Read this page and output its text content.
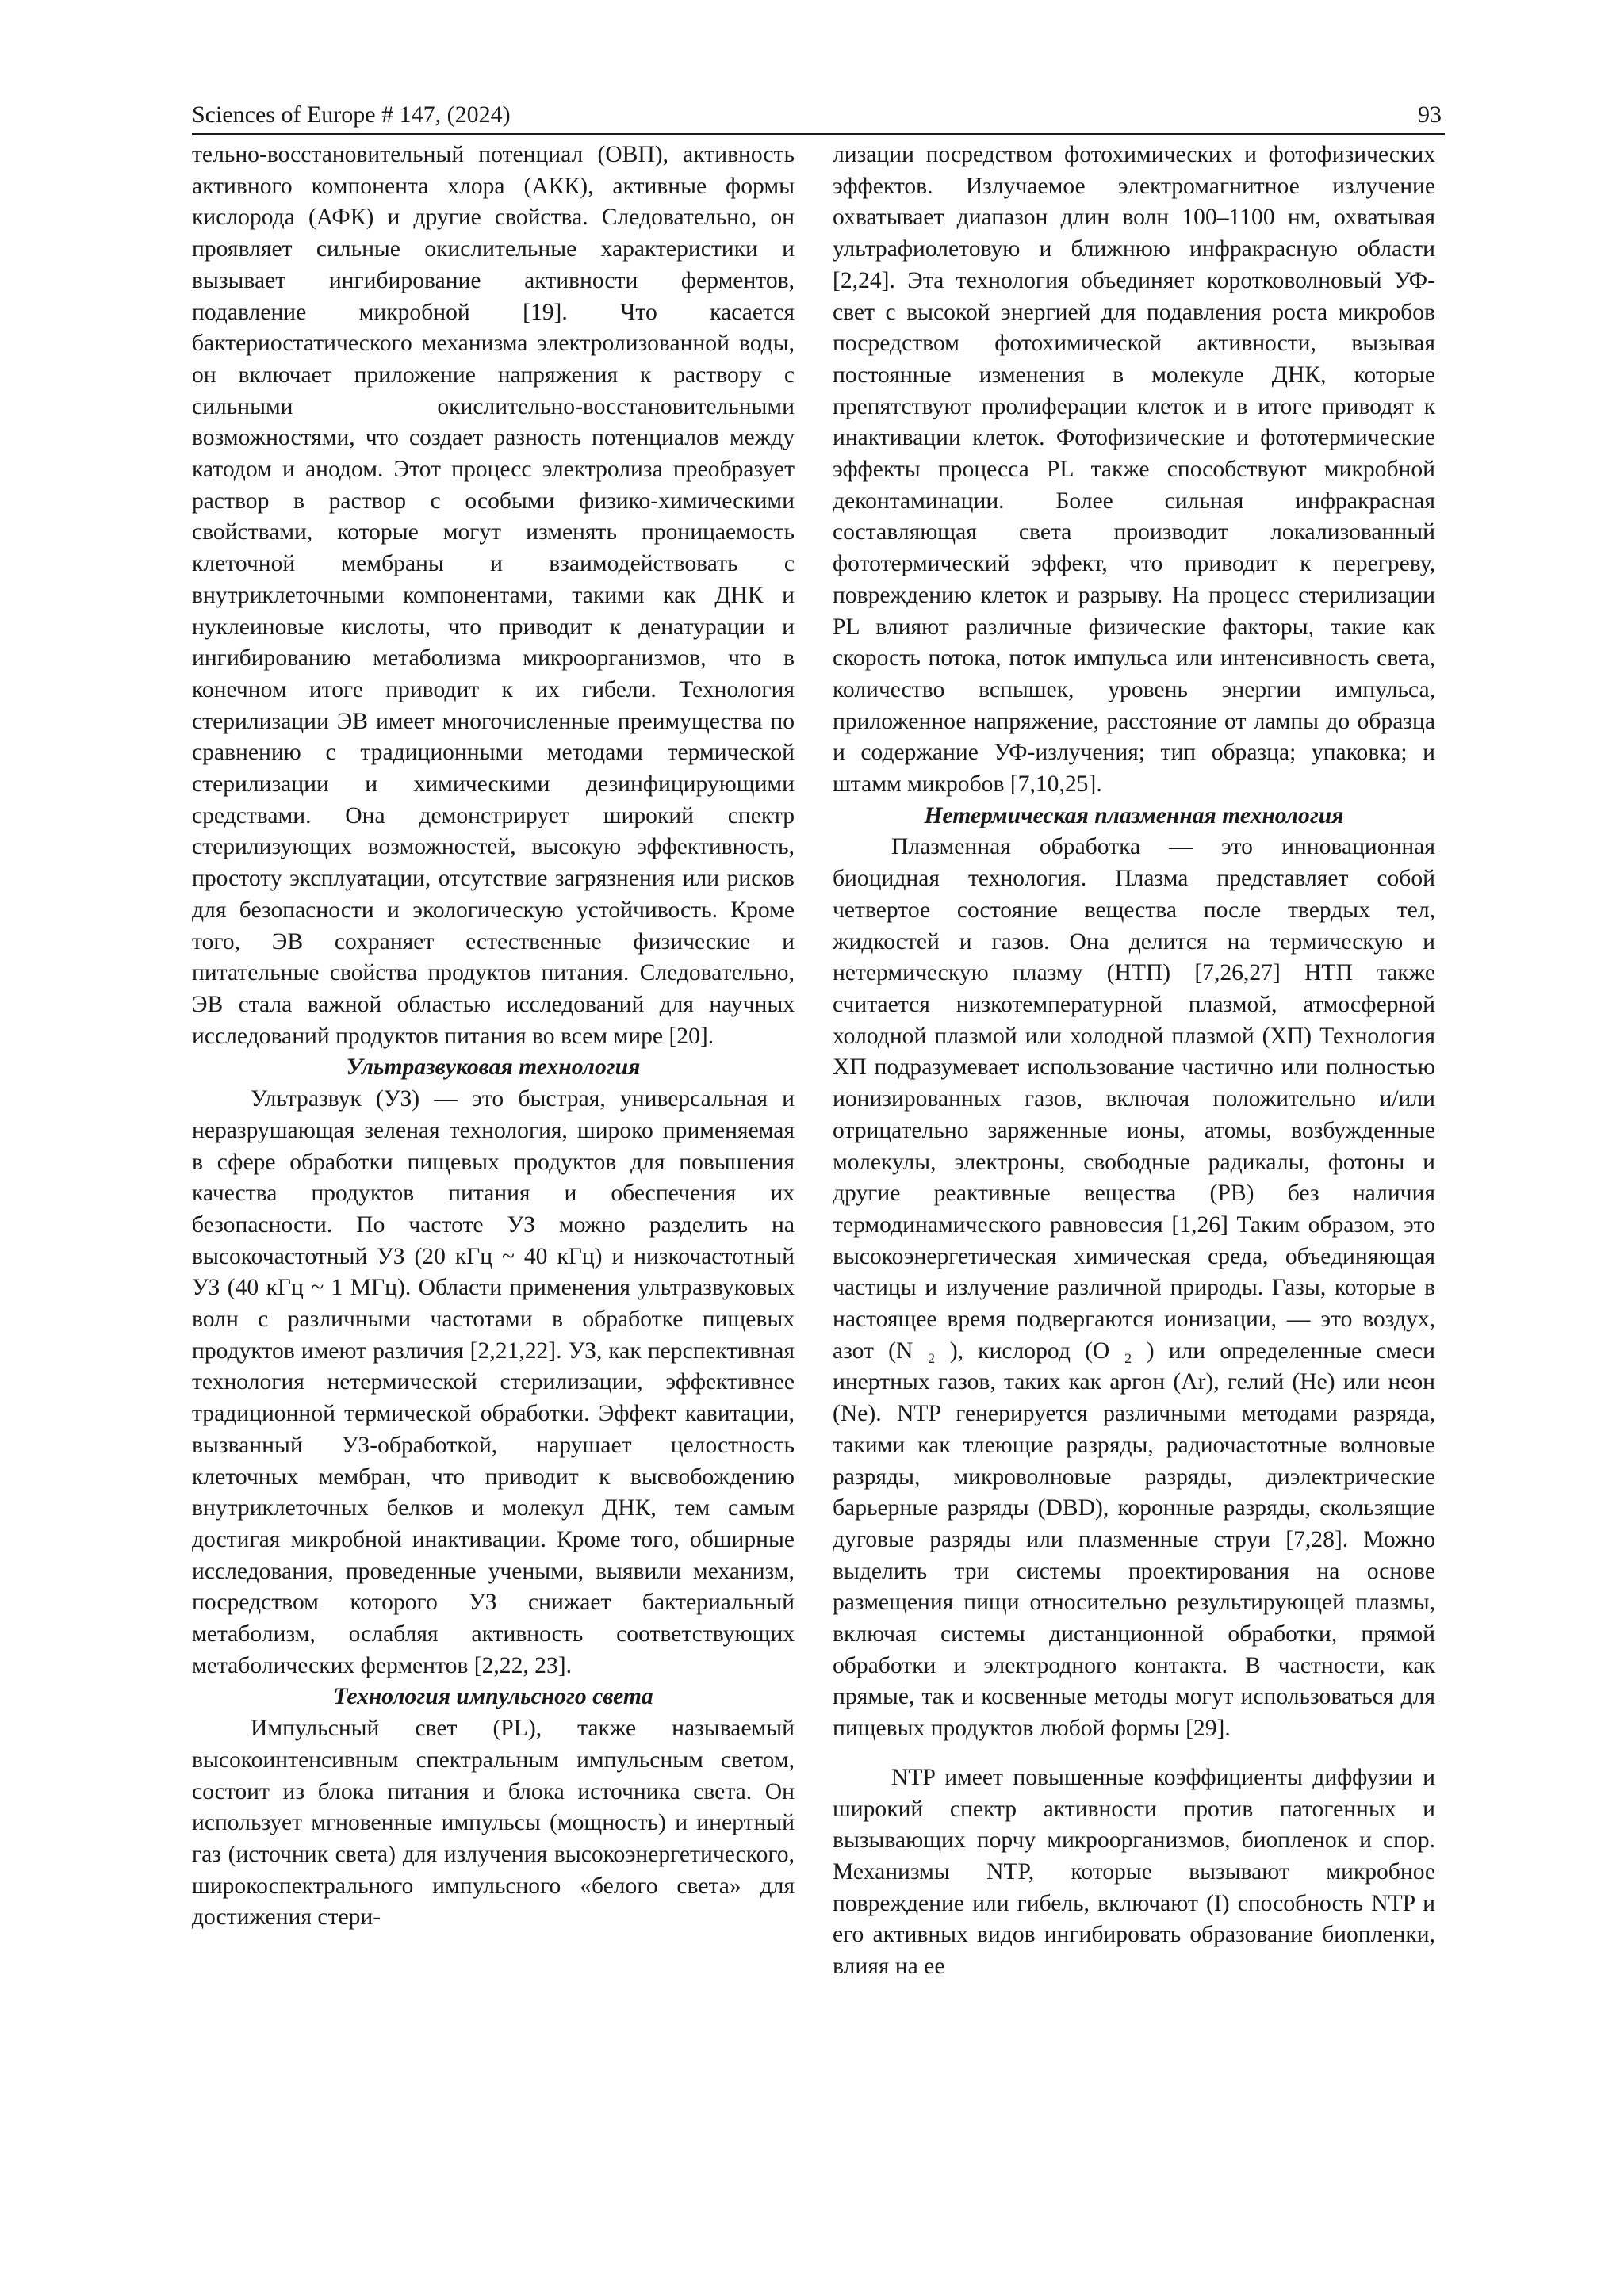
Sciences of Europe # 147, (2024)	93

тельно-восстановительный потенциал (ОВП), активность активного компонента хлора (АКК), активные формы кислорода (АФК) и другие свойства. Следовательно, он проявляет сильные окислительные характеристики и вызывает ингибирование активности ферментов, подавление микробной [19]. Что касается бактериостатического механизма электролизованной воды, он включает приложение напряжения к раствору с сильными окислительно-восстановительными возможностями, что создает разность потенциалов между катодом и анодом. Этот процесс электролиза преобразует раствор в раствор с особыми физико-химическими свойствами, которые могут изменять проницаемость клеточной мембраны и взаимодействовать с внутриклеточными компонентами, такими как ДНК и нуклеиновые кислоты, что приводит к денатурации и ингибированию метаболизма микроорганизмов, что в конечном итоге приводит к их гибели. Технология стерилизации ЭВ имеет многочисленные преимущества по сравнению с традиционными методами термической стерилизации и химическими дезинфицирующими средствами. Она демонстрирует широкий спектр стерилизующих возможностей, высокую эффективность, простоту эксплуатации, отсутствие загрязнения или рисков для безопасности и экологическую устойчивость. Кроме того, ЭВ сохраняет естественные физические и питательные свойства продуктов питания. Следовательно, ЭВ стала важной областью исследований для научных исследований продуктов питания во всем мире [20].

Ультразвуковая технология

Ультразвук (УЗ) — это быстрая, универсальная и неразрушающая зеленая технология, широко применяемая в сфере обработки пищевых продуктов для повышения качества продуктов питания и обеспечения их безопасности. По частоте УЗ можно разделить на высокочастотный УЗ (20 кГц ~ 40 кГц) и низкочастотный УЗ (40 кГц ~ 1 МГц). Области применения ультразвуковых волн с различными частотами в обработке пищевых продуктов имеют различия [2,21,22]. УЗ, как перспективная технология нетермической стерилизации, эффективнее традиционной термической обработки. Эффект кавитации, вызванный УЗ-обработкой, нарушает целостность клеточных мембран, что приводит к высвобождению внутриклеточных белков и молекул ДНК, тем самым достигая микробной инактивации. Кроме того, обширные исследования, проведенные учеными, выявили механизм, посредством которого УЗ снижает бактериальный метаболизм, ослабляя активность соответствующих метаболических ферментов [2,22, 23].

Технология импульсного света

Импульсный свет (PL), также называемый высокоинтенсивным спектральным импульсным светом, состоит из блока питания и блока источника света. Он использует мгновенные импульсы (мощность) и инертный газ (источник света) для излучения высокоэнергетического, широкоспектрального импульсного «белого света» для достижения стери-

лизации посредством фотохимических и фотофизических эффектов. Излучаемое электромагнитное излучение охватывает диапазон длин волн 100–1100 нм, охватывая ультрафиолетовую и ближнюю инфракрасную области [2,24]. Эта технология объединяет коротковолновый УФ-свет с высокой энергией для подавления роста микробов посредством фотохимической активности, вызывая постоянные изменения в молекуле ДНК, которые препятствуют пролиферации клеток и в итоге приводят к инактивации клеток. Фотофизические и фототермические эффекты процесса PL также способствуют микробной деконтаминации. Более сильная инфракрасная составляющая света производит локализованный фототермический эффект, что приводит к перегреву, повреждению клеток и разрыву. На процесс стерилизации PL влияют различные физические факторы, такие как скорость потока, поток импульса или интенсивность света, количество вспышек, уровень энергии импульса, приложенное напряжение, расстояние от лампы до образца и содержание УФ-излучения; тип образца; упаковка; и штамм микробов [7,10,25].

Нетермическая плазменная технология

Плазменная обработка — это инновационная биоцидная технология. Плазма представляет собой четвертое состояние вещества после твердых тел, жидкостей и газов. Она делится на термическую и нетермическую плазму (НТП) [7,26,27] НТП также считается низкотемпературной плазмой, атмосферной холодной плазмой или холодной плазмой (ХП) Технология ХП подразумевает использование частично или полностью ионизированных газов, включая положительно и/или отрицательно заряженные ионы, атомы, возбужденные молекулы, электроны, свободные радикалы, фотоны и другие реактивные вещества (РВ) без наличия термодинамического равновесия [1,26] Таким образом, это высокоэнергетическая химическая среда, объединяющая частицы и излучение различной природы. Газы, которые в настоящее время подвергаются ионизации, — это воздух, азот (N ₂ ), кислород (O ₂ ) или определенные смеси инертных газов, таких как аргон (Ar), гелий (He) или неон (Ne). NTP генерируется различными методами разряда, такими как тлеющие разряды, радиочастотные волновые разряды, микроволновые разряды, диэлектрические барьерные разряды (DBD), коронные разряды, скользящие дуговые разряды или плазменные струи [7,28]. Можно выделить три системы проектирования на основе размещения пищи относительно результирующей плазмы, включая системы дистанционной обработки, прямой обработки и электродного контакта. В частности, как прямые, так и косвенные методы могут использоваться для пищевых продуктов любой формы [29].

NTP имеет повышенные коэффициенты диффузии и широкий спектр активности против патогенных и вызывающих порчу микроорганизмов, биопленок и спор. Механизмы NTP, которые вызывают микробное повреждение или гибель, включают (I) способность NTP и его активных видов ингибировать образование биопленки, влияя на ее
